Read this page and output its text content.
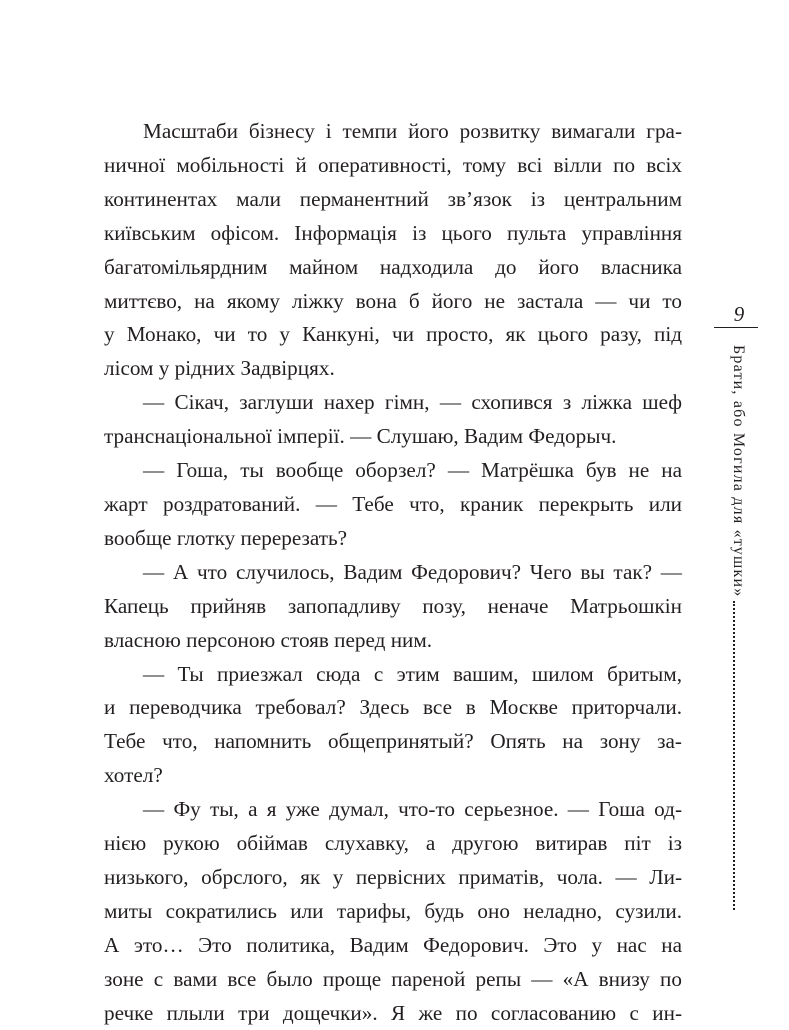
Масштаби бізнесу і темпи його розвитку вимагали гра-
ничної мобільності й оперативності, тому всі вілли по всіх
континентах мали перманентний зв’язок із центральним
київським офісом. Інформація із цього пульта управління
багатомільярдним майном надходила до його власника
миттєво, на якому ліжку вона б його не застала — чи то
у Монако, чи то у Канкуні, чи просто, як цього разу, під
лісом у рідних Задвірцях.

— Сікач, заглуши нахер гімн, — схопився з ліжка шеф
транснаціональної імперії. — Слушаю, Вадим Федорыч.

— Гоша, ты вообще оборзел? — Матрёшка був не на
жарт роздратований. — Тебе что, краник перекрыть или
вообще глотку перерезать?

— А что случилось, Вадим Федорович? Чего вы так? —
Капець прийняв запопадливу позу, неначе Матрьошкін
власною персоною стояв перед ним.

— Ты приезжал сюда с этим вашим, шилом бритым,
и переводчика требовал? Здесь все в Москве приторчали.
Тебе что, напомнить общепринятый? Опять на зону за-
хотел?

— Фу ты, а я уже думал, что-то серьезное. — Гоша од-
нією рукою обіймав слухавку, а другою витирав піт із
низького, обрслого, як у первісних приматів, чола. — Ли-
миты сократились или тарифы, будь оно неладно, сузили.
А это… Это политика, Вадим Федорович. Это у нас на
зоне с вами все было проще пареной репы — «А внизу по
речке плыли три дощечки». Я же по согласованию с ин-

9
Брати, або Могила для «тушки»
